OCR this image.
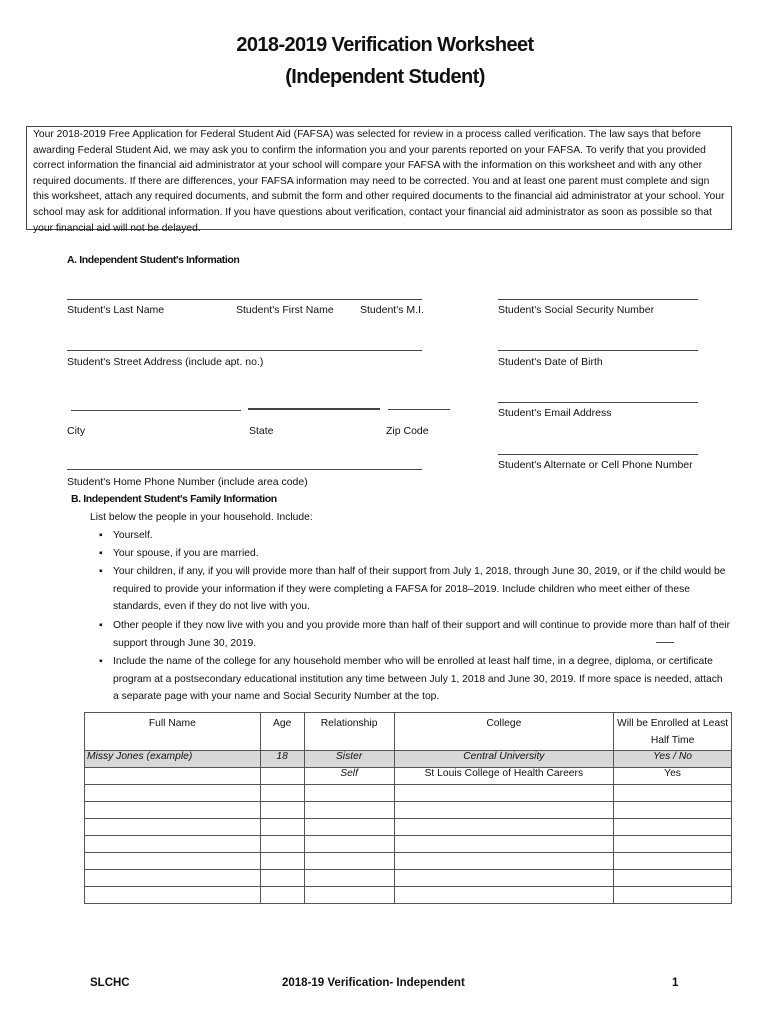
2018-2019 Verification Worksheet
(Independent Student)
Your 2018-2019 Free Application for Federal Student Aid (FAFSA) was selected for review in a process called verification. The law says that before awarding Federal Student Aid, we may ask you to confirm the information you and your parents reported on your FAFSA. To verify that you provided correct information the financial aid administrator at your school will compare your FAFSA with the information on this worksheet and with any other required documents. If there are differences, your FAFSA information may need to be corrected. You and at least one parent must complete and sign this worksheet, attach any required documents, and submit the form and other required documents to the financial aid administrator at your school. Your school may ask for additional information. If you have questions about verification, contact your financial aid administrator as soon as possible so that your financial aid will not be delayed.
A. Independent Student's Information
Student's Last Name	Student's First Name	Student's M.I.	Student's Social Security Number
Student's Street Address (include apt. no.)	Student's Date of Birth
Student's Email Address
City	State	Zip Code
Student's Alternate or Cell Phone Number
Student's Home Phone Number (include area code)
B. Independent Student's Family Information
List below the people in your household. Include:
▪ Yourself.
▪ Your spouse, if you are married.
▪ Your children, if any, if you will provide more than half of their support from July 1, 2018, through June 30, 2019, or if the child would be required to provide your information if they were completing a FAFSA for 2018–2019. Include children who meet either of these standards, even if they do not live with you.
▪ Other people if they now live with you and you provide more than half of their support and will continue to provide more than half of their support through June 30, 2019.
▪ Include the name of the college for any household member who will be enrolled at least half time, in a degree, diploma, or certificate program at a postsecondary educational institution any time between July 1, 2018 and June 30, 2019. If more space is needed, attach a separate page with your name and Social Security Number at the top.
Full Name	Age	Relationship	College	Will be Enrolled at Least Half Time
Missy Jones (example)	18	Sister	Central University	Yes / No
		Self	St Louis College of Health Careers	Yes

SLCHC	2018-19 Verification- Independent	1
